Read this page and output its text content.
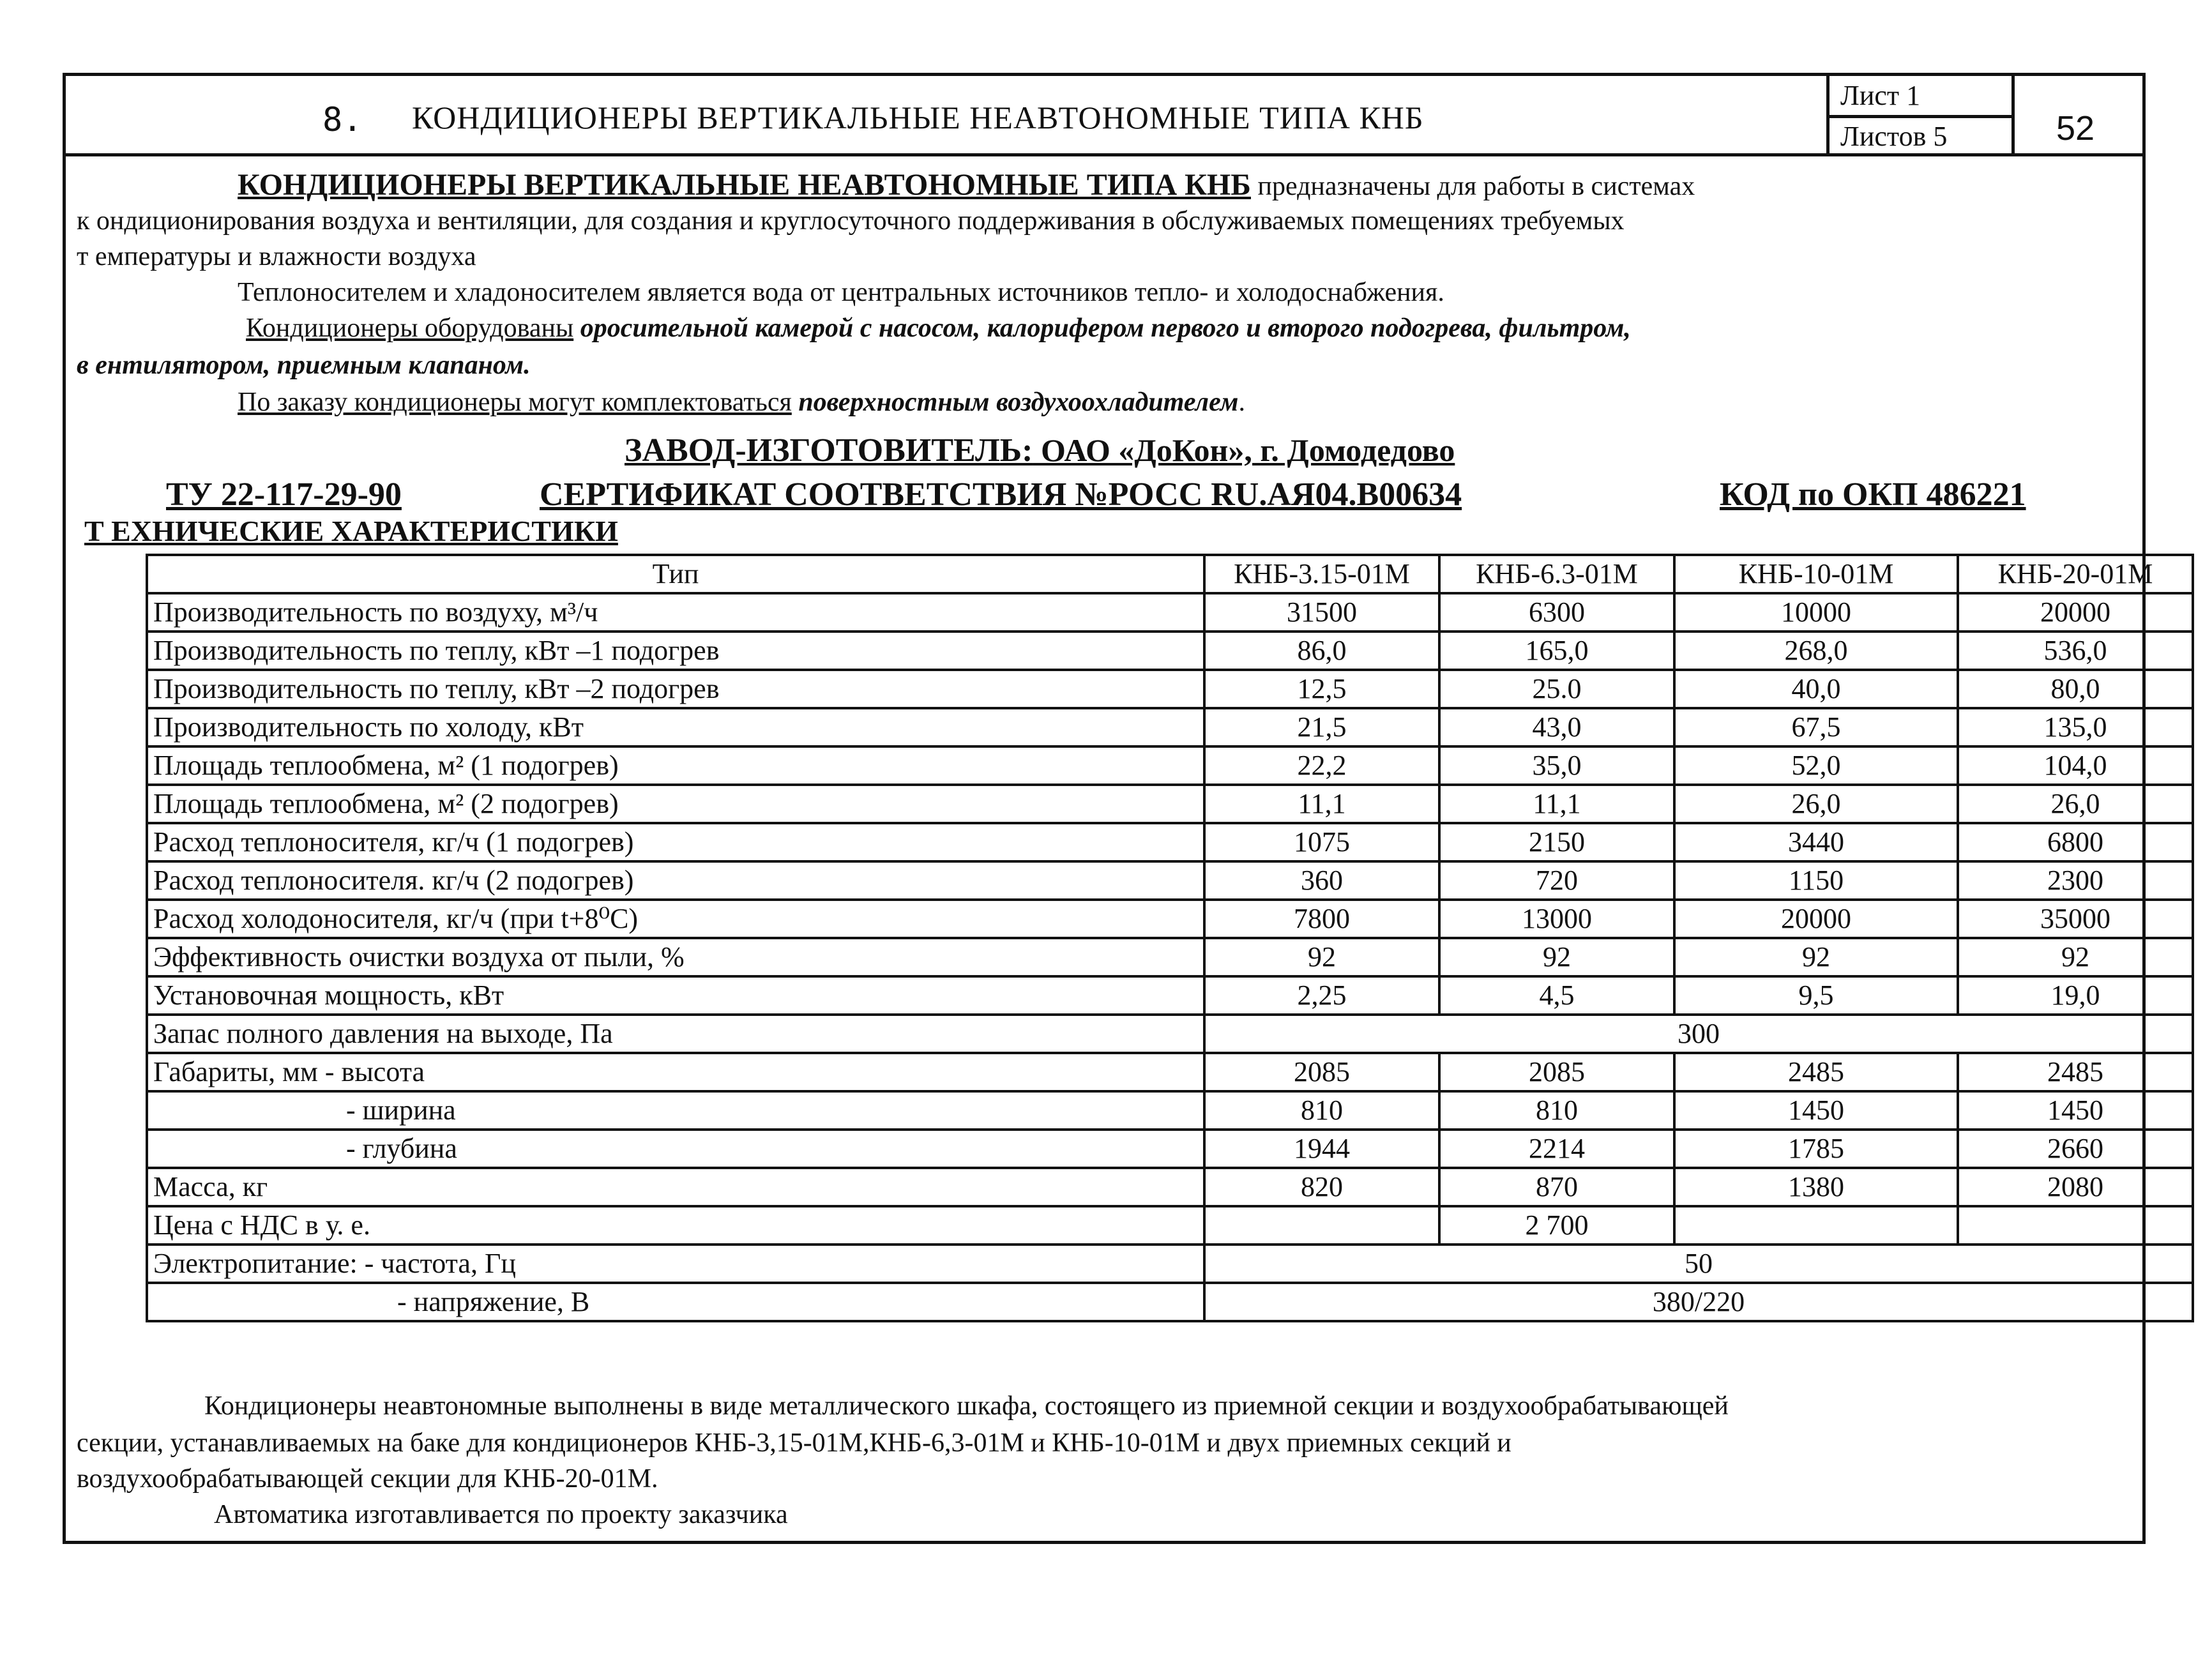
8. КОНДИЦИОНЕРЫ ВЕРТИКАЛЬНЫЕ НЕАВТОНОМНЫЕ ТИПА КНБ
Лист 1
Листов 5	52
КОНДИЦИОНЕРЫ ВЕРТИКАЛЬНЫЕ НЕАВТОНОМНЫЕ ТИПА КНБ предназначены для работы в системах
к ондиционирования воздуха и вентиляции, для создания и круглосуточного поддерживания в обслуживаемых помещениях требуемых
т емпературы и влажности воздуха
Теплоносителем и хладоносителем является вода от центральных источников тепло- и холодоснабжения.
Кондиционеры оборудованы оросительной камерой с насосом, калорифером первого и второго подогрева, фильтром,
в ентилятором, приемным клапаном.
По заказу кондиционеры могут комплектоваться поверхностным воздухоохладителем.
ЗАВОД-ИЗГОТОВИТЕЛЬ: ОАО «ДоКон», г. Домодедово
ТУ 22-117-29-90	СЕРТИФИКАТ СООТВЕТСТВИЯ №РОСС RU.АЯ04.В00634	КОД по ОКП 486221
Т ЕХНИЧЕСКИЕ ХАРАКТЕРИСТИКИ
Тип	КНБ-3.15-01М	КНБ-6.3-01М	КНБ-10-01М	КНБ-20-01М
Производительность по воздуху, м³/ч	31500	6300	10000	20000
Производительность по теплу, кВт –1 подогрев	86,0	165,0	268,0	536,0
Производительность по теплу, кВт –2 подогрев	12,5	25.0	40,0	80,0
Производительность по холоду, кВт	21,5	43,0	67,5	135,0
Площадь теплообмена, м² (1 подогрев)	22,2	35,0	52,0	104,0
Площадь теплообмена, м² (2 подогрев)	11,1	11,1	26,0	26,0
Расход теплоносителя, кг/ч (1 подогрев)	1075	2150	3440	6800
Расход теплоносителя. кг/ч (2 подогрев)	360	720	1150	2300
Расход холодоносителя, кг/ч (при t+8⁰С)	7800	13000	20000	35000
Эффективность очистки воздуха от пыли, %	92	92	92	92
Установочная мощность, кВт	2,25	4,5	9,5	19,0
Запас полного давления на выходе, Па	300			
Габариты, мм - высота	2085	2085	2485	2485
- ширина	810	810	1450	1450
- глубина	1944	2214	1785	2660
Масса, кг	820	870	1380	2080
Цена с НДС в у. е.		2 700		
Электропитание: - частота, Гц	50			
- напряжение, В	380/220			
Кондиционеры неавтономные выполнены в виде металлического шкафа, состоящего из приемной секции и воздухообрабатывающей
секции, устанавливаемых на баке для кондиционеров КНБ-3,15-01М,КНБ-6,3-01М и КНБ-10-01М и двух приемных секций и
воздухообрабатывающей секции для КНБ-20-01М.
Автоматика изготавливается по проекту заказчика
